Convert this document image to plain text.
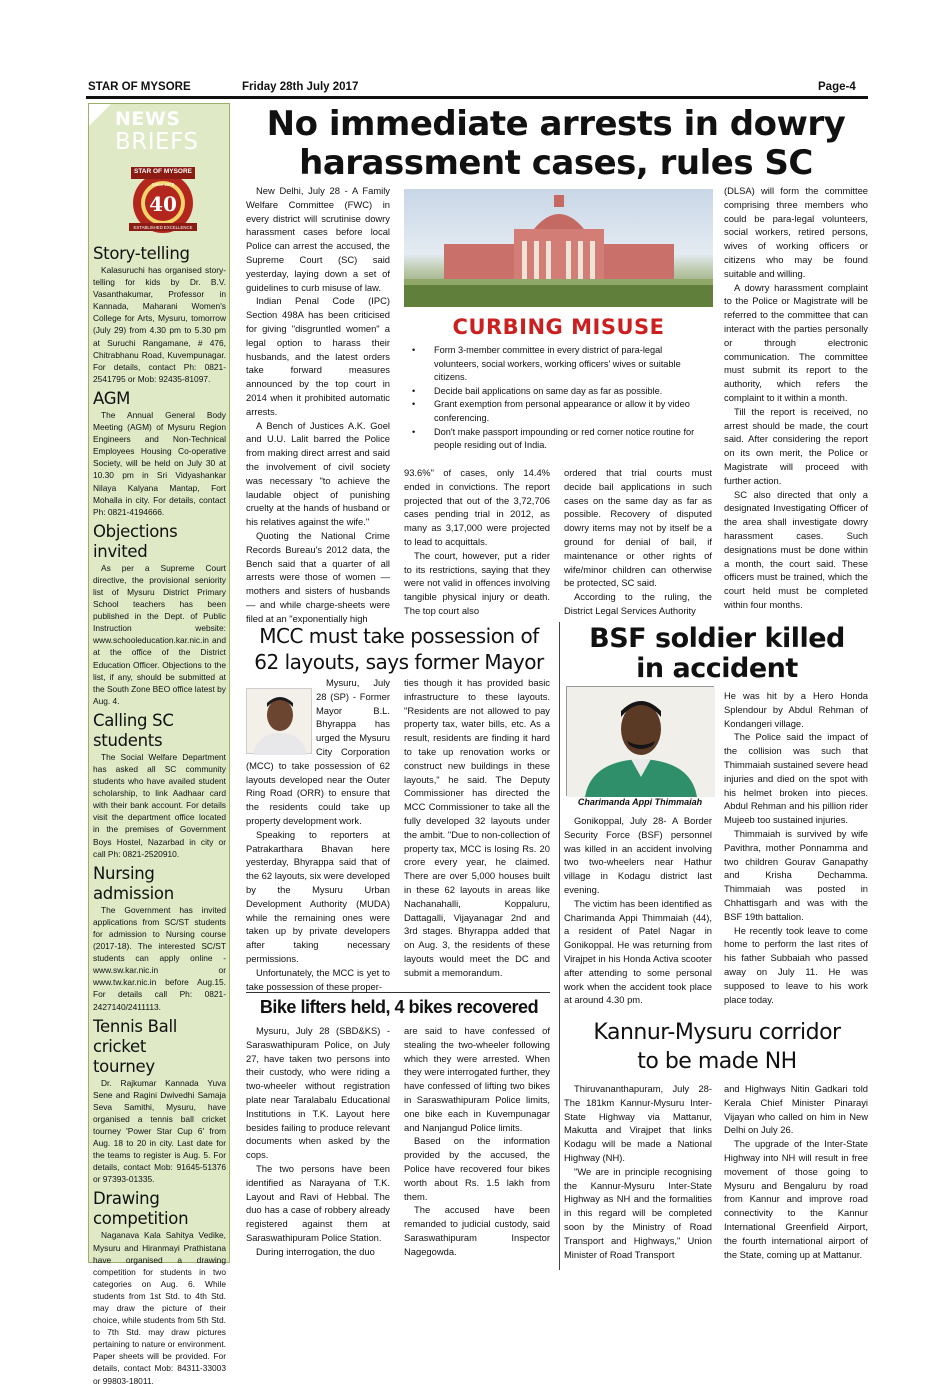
STAR OF MYSORE	Friday 28th July 2017	Page-4
NEWS
BRIEFS
STAR OF MYSORE
40
Since 1978
ESTABLISHED EXCELLENCE
Story-telling

Kalasuruchi has organised story-telling for kids by Dr. B.V. Vasanthakumar, Professor in Kannada, Maharani Women's College for Arts, Mysuru, tomorrow (July 29) from 4.30 pm to 5.30 pm at Suruchi Rangamane, # 476, Chitrabhanu Road, Kuvempunagar. For details, contact Ph: 0821-2541795 or Mob: 92435-81097.

AGM

The Annual General Body Meeting (AGM) of Mysuru Region Engineers and Non-Technical Employees Housing Co-operative Society, will be held on July 30 at 10.30 pm in Sri Vidyashankar Nilaya Kalyana Mantap, Fort Mohalla in city. For details, contact Ph: 0821-4194666.

Objections invited

As per a Supreme Court directive, the provisional seniority list of Mysuru District Primary School teachers has been published in the Dept. of Public Instruction website: www.schooleducation.kar.nic.in and at the office of the District Education Officer. Objections to the list, if any, should be submitted at the South Zone BEO office latest by Aug. 4.

Calling SC students

The Social Welfare Department has asked all SC community students who have availed student scholarship, to link Aadhaar card with their bank account. For details visit the department office located in the premises of Government Boys Hostel, Nazarbad in city or call Ph: 0821-2520910.

Nursing admission

The Government has invited applications from SC/ST students for admission to Nursing course (2017-18). The interested SC/ST students can apply online - www.sw.kar.nic.in or www.tw.kar.nic.in before Aug.15. For details call Ph: 0821-2427140/2411113.

Tennis Ball cricket tourney

Dr. Rajkumar Kannada Yuva Sene and Ragini Dwivedhi Samaja Seva Samithi, Mysuru, have organised a tennis ball cricket tourney 'Power Star Cup 6' from Aug. 18 to 20 in city. Last date for the teams to register is Aug. 5. For details, contact Mob: 91645-51376 or 97393-01335.

Drawing competition

Naganava Kala Sahitya Vedike, Mysuru and Hiranmayi Prathistana have organised a drawing competition for students in two categories on Aug. 6. While students from 1st Std. to 4th Std. may draw the picture of their choice, while students from 5th Std. to 7th Std. may draw pictures pertaining to nature or environment. Paper sheets will be provided. For details, contact Mob: 84311-33003 or 99803-18011.

No immediate arrests in dowry
harassment cases, rules SC

New Delhi, July 28 - A Family Welfare Committee (FWC) in every district will scrutinise dowry harassment cases before local Police can arrest the accused, the Supreme Court (SC) said yesterday, laying down a set of guidelines to curb misuse of law.

Indian Penal Code (IPC) Section 498A has been criticised for giving "disgruntled women" a legal option to harass their husbands, and the latest orders take forward measures announced by the top court in 2014 when it prohibited automatic arrests.

A Bench of Justices A.K. Goel and U.U. Lalit barred the Police from making direct arrest and said the involvement of civil society was necessary "to achieve the laudable object of punishing cruelty at the hands of husband or his relatives against the wife."

Quoting the National Crime Records Bureau's 2012 data, the Bench said that a quarter of all arrests were those of women — mothers and sisters of husbands — and while charge-sheets were filed at an "exponentially high

CURBING MISUSE
•	Form 3-member committee in every district of para-legal volunteers, social workers, working officers' wives or suitable citizens.
•	Decide bail applications on same day as far as possible.
•	Grant exemption from personal appearance or allow it by video conferencing.
•	Don't make passport impounding or red corner notice routine for people residing out of India.

93.6%" of cases, only 14.4% ended in convictions. The report projected that out of the 3,72,706 cases pending trial in 2012, as many as 3,17,000 were projected to lead to acquittals.

The court, however, put a rider to its restrictions, saying that they were not valid in offences involving tangible physical injury or death. The top court also

ordered that trial courts must decide bail applications in such cases on the same day as far as possible. Recovery of disputed dowry items may not by itself be a ground for denial of bail, if maintenance or other rights of wife/minor children can otherwise be protected, SC said.

According to the ruling, the District Legal Services Authority

(DLSA) will form the committee comprising three members who could be para-legal volunteers, social workers, retired persons, wives of working officers or citizens who may be found suitable and willing.

A dowry harassment complaint to the Police or Magistrate will be referred to the committee that can interact with the parties personally or through electronic communication. The committee must submit its report to the authority, which refers the complaint to it within a month.

Till the report is received, no arrest should be made, the court said. After considering the report on its own merit, the Police or Magistrate will proceed with further action.

SC also directed that only a designated Investigating Officer of the area shall investigate dowry harassment cases. Such designations must be done within a month, the court said. These officers must be trained, which the court held must be completed within four months.

MCC must take possession of
62 layouts, says former Mayor

Mysuru, July 28 (SP) - Former Mayor B.L. Bhyrappa has urged the Mysuru City Corporation (MCC) to take possession of 62 layouts developed near the Outer Ring Road (ORR) to ensure that the residents could take up property development work.

Speaking to reporters at Patrakarthara Bhavan here yesterday, Bhyrappa said that of the 62 layouts, six were developed by the Mysuru Urban Development Authority (MUDA) while the remaining ones were taken up by private developers after taking necessary permissions.

Unfortunately, the MCC is yet to take possession of these proper-

ties though it has provided basic infrastructure to these layouts. "Residents are not allowed to pay property tax, water bills, etc. As a result, residents are finding it hard to take up renovation works or construct new buildings in these layouts," he said. The Deputy Commissioner has directed the MCC Commissioner to take all the fully developed 32 layouts under the ambit. "Due to non-collection of property tax, MCC is losing Rs. 20 crore every year, he claimed. There are over 5,000 houses built in these 62 layouts in areas like Nachanahalli, Koppaluru, Dattagalli, Vijayanagar 2nd and 3rd stages. Bhyrappa added that on Aug. 3, the residents of these layouts would meet the DC and submit a memorandum.

Bike lifters held, 4 bikes recovered

Mysuru, July 28 (SBD&KS) - Saraswathipuram Police, on July 27, have taken two persons into their custody, who were riding a two-wheeler without registration plate near Taralabalu Educational Institutions in T.K. Layout here besides failing to produce relevant documents when asked by the cops.

The two persons have been identified as Narayana of T.K. Layout and Ravi of Hebbal. The duo has a case of robbery already registered against them at Saraswathipuram Police Station.

During interrogation, the duo

are said to have confessed of stealing the two-wheeler following which they were arrested. When they were interrogated further, they have confessed of lifting two bikes in Saraswathipuram Police limits, one bike each in Kuvempunagar and Nanjangud Police limits.

Based on the information provided by the accused, the Police have recovered four bikes worth about Rs. 1.5 lakh from them.

The accused have been remanded to judicial custody, said Saraswathipuram Inspector Nagegowda.

BSF soldier killed
in accident
Charimanda Appi Thimmaiah

Gonikoppal, July 28- A Border Security Force (BSF) personnel was killed in an accident involving two two-wheelers near Hathur village in Kodagu district last evening.

The victim has been identified as Charimanda Appi Thimmaiah (44), a resident of Patel Nagar in Gonikoppal. He was returning from Virajpet in his Honda Activa scooter after attending to some personal work when the accident took place at around 4.30 pm.

He was hit by a Hero Honda Splendour by Abdul Rehman of Kondangeri village.

The Police said the impact of the collision was such that Thimmaiah sustained severe head injuries and died on the spot with his helmet broken into pieces. Abdul Rehman and his pillion rider Mujeeb too sustained injuries.

Thimmaiah is survived by wife Pavithra, mother Ponnamma and two children Gourav Ganapathy and Krisha Dechamma. Thimmaiah was posted in Chhattisgarh and was with the BSF 19th battalion.

He recently took leave to come home to perform the last rites of his father Subbaiah who passed away on July 11. He was supposed to leave to his work place today.

Kannur-Mysuru corridor
to be made NH

Thiruvananthapuram, July 28- The 181km Kannur-Mysuru Inter-State Highway via Mattanur, Makutta and Virajpet that links Kodagu will be made a National Highway (NH).

"We are in principle recognising the Kannur-Mysuru Inter-State Highway as NH and the formalities in this regard will be completed soon by the Ministry of Road Transport and Highways," Union Minister of Road Transport

and Highways Nitin Gadkari told Kerala Chief Minister Pinarayi Vijayan who called on him in New Delhi on July 26.

The upgrade of the Inter-State Highway into NH will result in free movement of those going to Mysuru and Bengaluru by road from Kannur and improve road connectivity to the Kannur International Greenfield Airport, the fourth international airport of the State, coming up at Mattanur.
